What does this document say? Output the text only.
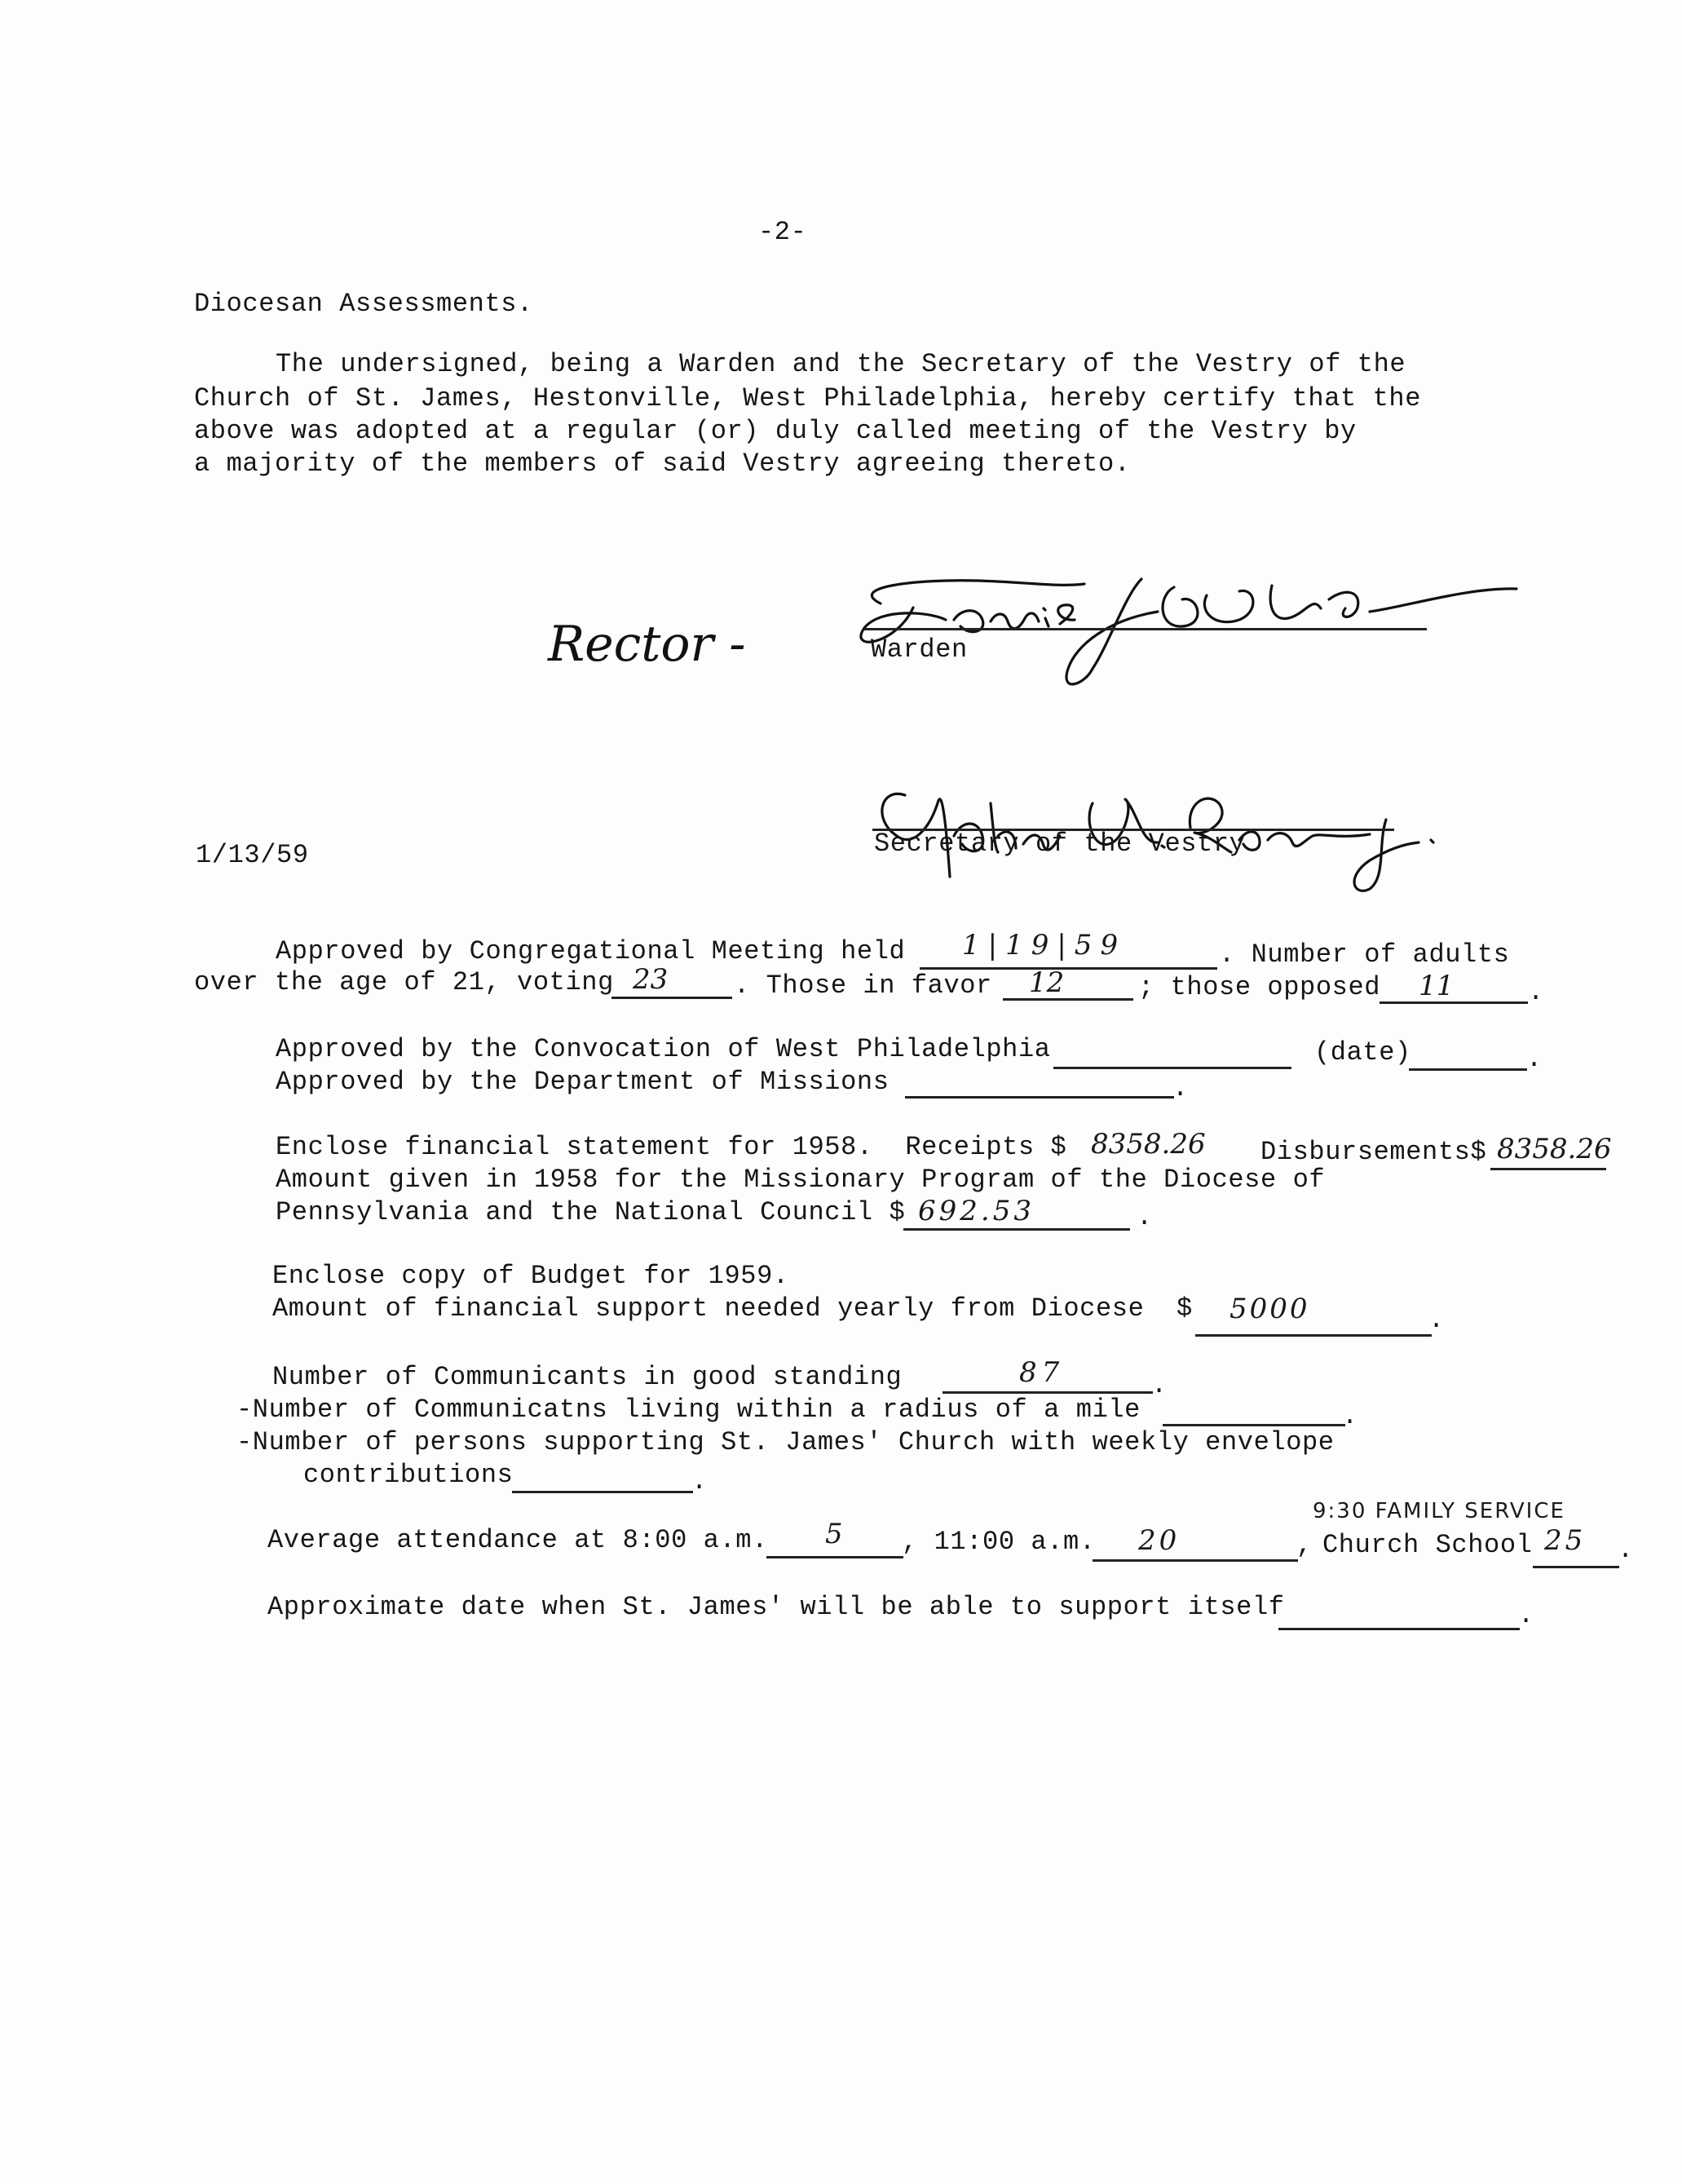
-2-
Diocesan Assessments.
The undersigned, being a Warden and the Secretary of the Vestry of the
Church of St. James, Hestonville, West Philadelphia, hereby certify that the
above was adopted at a regular (or) duly called meeting of the Vestry by
a majority of the members of said Vestry agreeing thereto.
Rector -	Warden
Secretary of the Vestry
1/13/59
Approved by Congregational Meeting held 1|19|59	. Number of adults
over the age of 21, voting 23	. Those in favor 12	; those opposed 11	.
Approved by the Convocation of West Philadelphia	(date)	.
Approved by the Department of Missions	.
Enclose financial statement for 1958.  Receipts $ 8358.26 Disbursements$ 8358.26
Amount given in 1958 for the Missionary Program of the Diocese of
Pennsylvania and the National Council $ 692.53	.
Enclose copy of Budget for 1959.
Amount of financial support needed yearly from Diocese  $ 5000	.
Number of Communicants in good standing	87	.
-Number of Communicatns living within a radius of a mile	.
-Number of persons supporting St. James' Church with weekly envelope
contributions	.
9:30 FAMILY SERVICE
Average attendance at 8:00 a.m. 5 , 11:00 a.m. 20	, Church School 25 .
Approximate date when St. James' will be able to support itself	.
